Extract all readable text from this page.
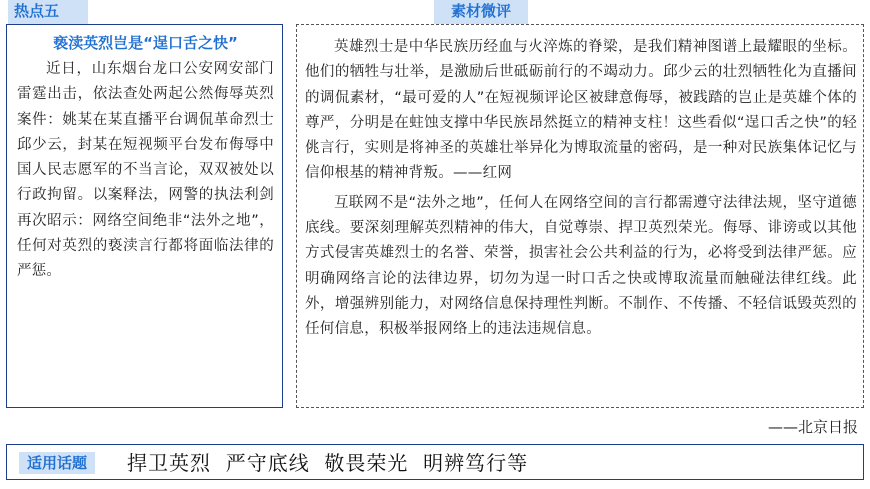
热点五	素材微评
亵渎英烈岂是“逞口舌之快”

近日，山东烟台龙口公安网安部门雷霆出击，依法查处两起公然侮辱英烈案件：姚某在某直播平台调侃革命烈士邱少云，封某在短视频平台发布侮辱中国人民志愿军的不当言论，双双被处以行政拘留。以案释法，网警的执法利剑再次昭示：网络空间绝非“法外之地”，任何对英烈的亵渎言行都将面临法律的严惩。

英雄烈士是中华民族历经血与火淬炼的脊梁，是我们精神图谱上最耀眼的坐标。他们的牺牲与壮举，是激励后世砥砺前行的不竭动力。邱少云的壮烈牺牲化为直播间的调侃素材，“最可爱的人”在短视频评论区被肆意侮辱，被践踏的岂止是英雄个体的尊严，分明是在蛀蚀支撑中华民族昂然挺立的精神支柱！这些看似“逞口舌之快”的轻佻言行，实则是将神圣的英雄壮举异化为博取流量的密码，是一种对民族集体记忆与信仰根基的精神背叛。——红网

互联网不是“法外之地”，任何人在网络空间的言行都需遵守法律法规，坚守道德底线。要深刻理解英烈精神的伟大，自觉尊崇、捍卫英烈荣光。侮辱、诽谤或以其他方式侵害英雄烈士的名誉、荣誉，损害社会公共利益的行为，必将受到法律严惩。应明确网络言论的法律边界，切勿为逞一时口舌之快或博取流量而触碰法律红线。此外，增强辨别能力，对网络信息保持理性判断。不制作、不传播、不轻信诋毁英烈的任何信息，积极举报网络上的违法违规信息。

——北京日报
适用话题	捍卫英烈  严守底线  敬畏荣光  明辨笃行等
